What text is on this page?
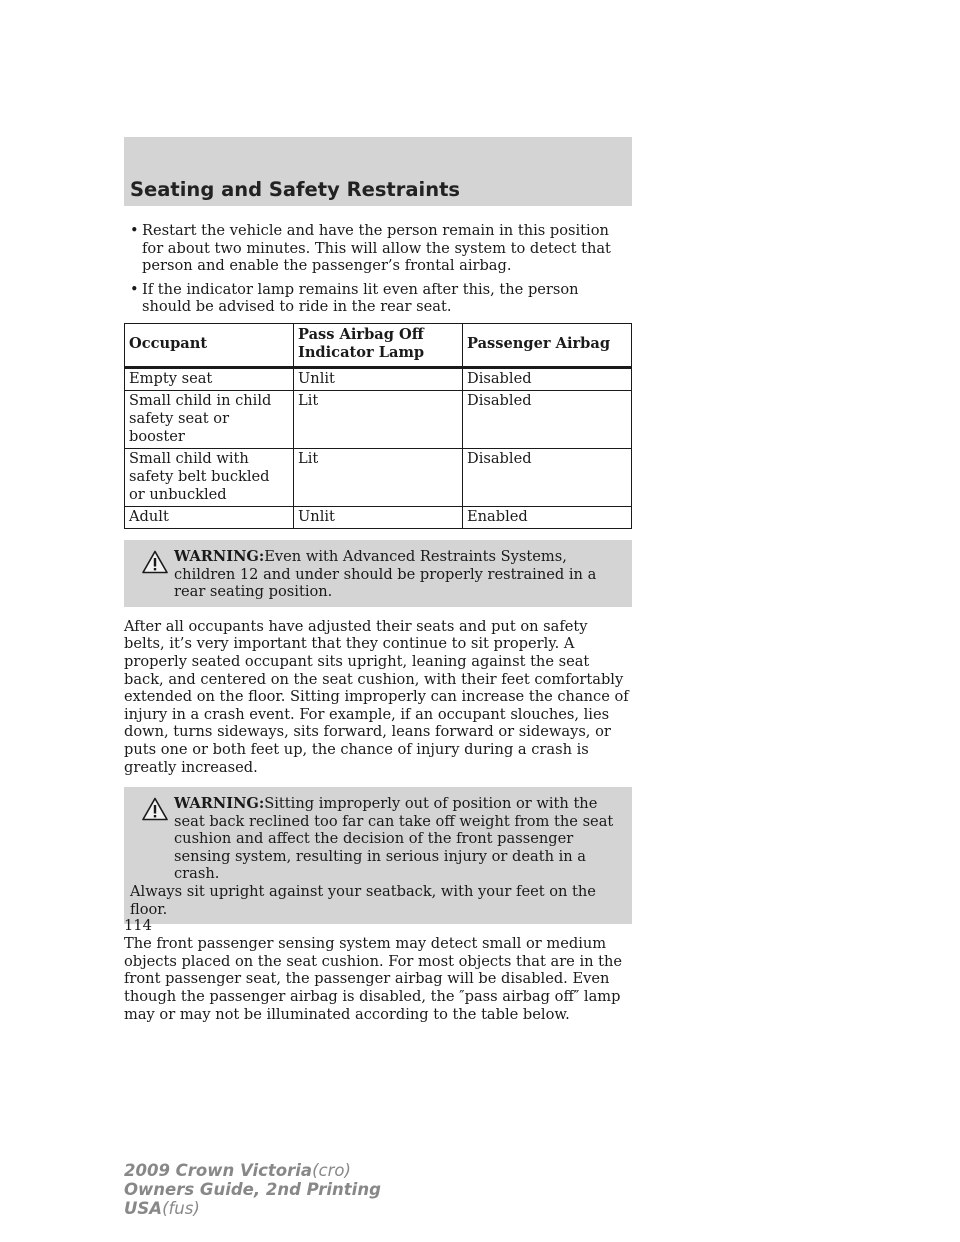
Seating and Safety Restraints
• Restart the vehicle and have the person remain in this position for about two minutes. This will allow the system to detect that person and enable the passenger’s frontal airbag.
• If the indicator lamp remains lit even after this, the person should be advised to ride in the rear seat.
Occupant	Pass Airbag Off Indicator Lamp	Passenger Airbag
Empty seat	Unlit	Disabled
Small child in child safety seat or booster	Lit	Disabled
Small child with safety belt buckled or unbuckled	Lit	Disabled
Adult	Unlit	Enabled
WARNING:Even with Advanced Restraints Systems, children 12 and under should be properly restrained in a rear seating position.

After all occupants have adjusted their seats and put on safety belts, it’s very important that they continue to sit properly. A properly seated occupant sits upright, leaning against the seat back, and centered on the seat cushion, with their feet comfortably extended on the floor. Sitting improperly can increase the chance of injury in a crash event. For example, if an occupant slouches, lies down, turns sideways, sits forward, leans forward or sideways, or puts one or both feet up, the chance of injury during a crash is greatly increased.

WARNING:Sitting improperly out of position or with the seat back reclined too far can take off weight from the seat cushion and affect the decision of the front passenger sensing system, resulting in serious injury or death in a crash.
Always sit upright against your seatback, with your feet on the floor.

The front passenger sensing system may detect small or medium objects placed on the seat cushion. For most objects that are in the front passenger seat, the passenger airbag will be disabled. Even though the passenger airbag is disabled, the ″pass airbag off″ lamp may or may not be illuminated according to the table below.

114
2009 Crown Victoria(cro)
Owners Guide, 2nd Printing
USA(fus)
